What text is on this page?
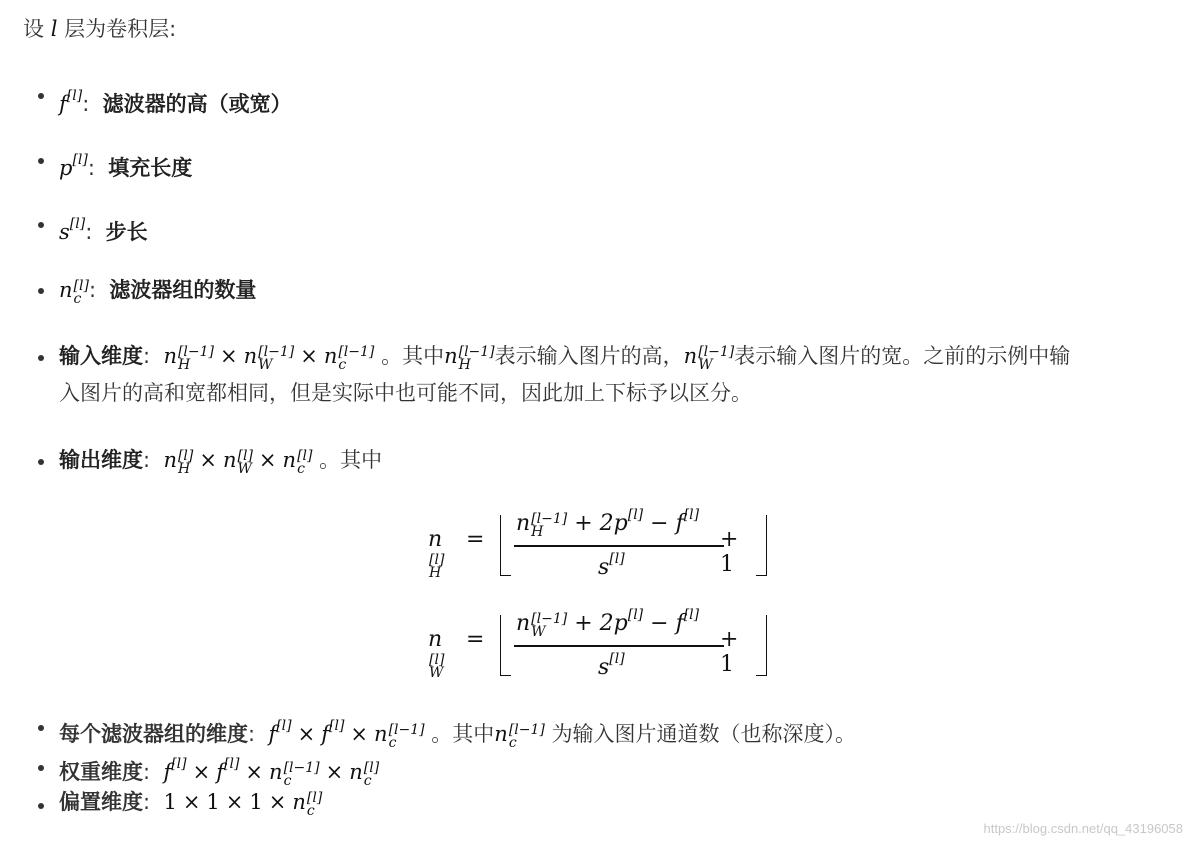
设 l 层为卷积层:
f[l]:  滤波器的高（或宽）
p[l]:  填充长度
s[l]:  步长
n [l]
c :  滤波器组的数量
输入维度:  n [l−1]
H	× n [l−1]
W	× n [l−1]
c	。其中n [l−1]
H	表示输入图片的高，n [l−1]
W	表示输入图片的宽。之前的示例中输
入图片的高和宽都相同，但是实际中也可能不同，因此加上下标予以区分。
输出维度:  n [l]
H × n [l]
W × n [l]
c 。其中
n
[l]
H
=
n [l−1]
H	+ 2p[l] − f[l]
s[l]
+ 1
n
[l]
W
=
n [l−1]
W + 2p[l] − f[l]
s[l]
+ 1
每个滤波器组的维度:  f[l] × f[l] × n [l−1]
c	。其中n [l−1]
c	为输入图片通道数（也称深度）。
权重维度:  f[l] × f[l] × n [l−1]
c	× n [l]
c
偏置维度:  1 × 1 × 1 × n [l]
c
https://blog.csdn.net/qq_43196058
